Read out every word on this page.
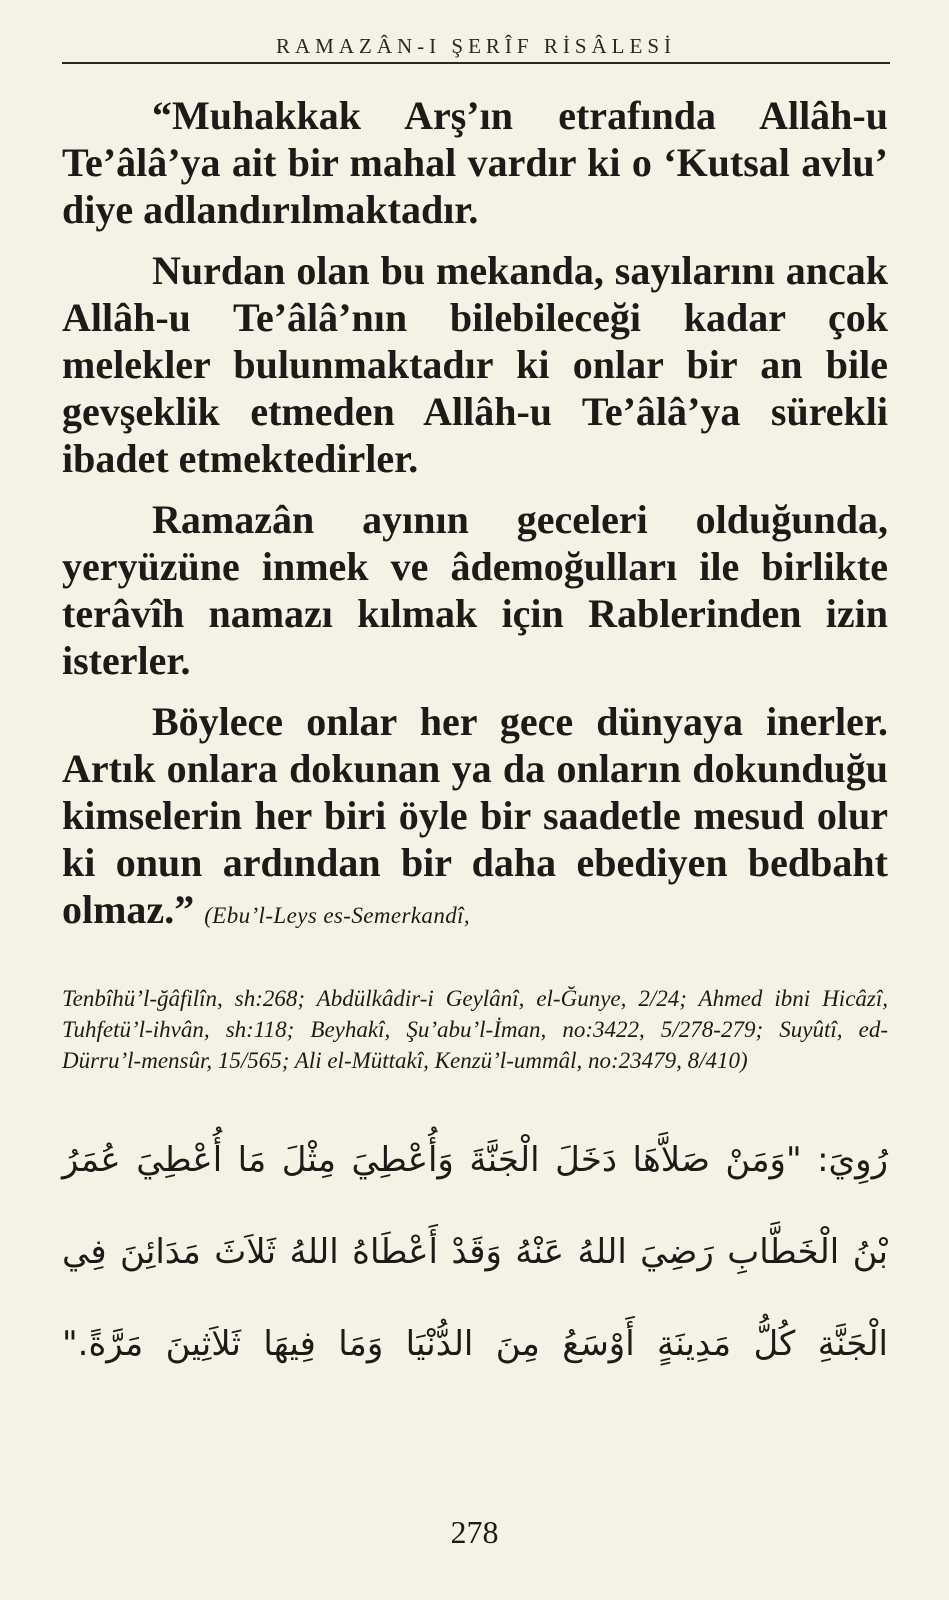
RAMAZÂN-I ŞERÎF RİSÂLESİ

“Muhakkak Arş’ın etrafında Allâh-u Te’âlâ’ya ait bir mahal vardır ki o ‘Kutsal avlu’ diye adlandırılmaktadır.

Nurdan olan bu mekanda, sayılarını ancak Allâh-u Te’âlâ’nın bilebileceği kadar çok melekler bulunmaktadır ki onlar bir an bile gevşeklik etmeden Allâh-u Te’âlâ’ya sürekli ibadet etmektedirler.

Ramazân ayının geceleri olduğunda, yeryüzüne inmek ve âdemoğulları ile birlikte terâvîh namazı kılmak için Rablerinden izin isterler.

Böylece onlar her gece dünyaya inerler. Artık onlara dokunan ya da onların dokunduğu kimselerin her biri öyle bir saadetle mesud olur ki onun ardından bir daha ebediyen bedbaht olmaz.” (Ebu’l-Leys es-Semerkandî,

Tenbîhü’l-ğâfilîn, sh:268; Abdülkâdir-i Geylânî, el-Ğunye, 2/24; Ahmed ibni Hicâzî, Tuhfetü’l-ihvân, sh:118; Beyhakî, Şu’abu’l-İman, no:3422, 5/278-279; Suyûtî, ed-Dürru’l-mensûr, 15/565; Ali el-Müttakî, Kenzü’l-ummâl, no:23479, 8/410)
رُوِيَ: "وَمَنْ صَلاَّهَا دَخَلَ الْجَنَّةَ وَأُعْطِيَ مِثْلَ مَا أُعْطِيَ عُمَرُ
بْنُ الْخَطَّابِ رَضِيَ اللهُ عَنْهُ وَقَدْ أَعْطَاهُ اللهُ ثَلاَثَ مَدَائِنَ فِي
الْجَنَّةِ كُلُّ مَدِينَةٍ أَوْسَعُ مِنَ الدُّنْيَا وَمَا فِيهَا ثَلاَثِينَ مَرَّةً."
278
